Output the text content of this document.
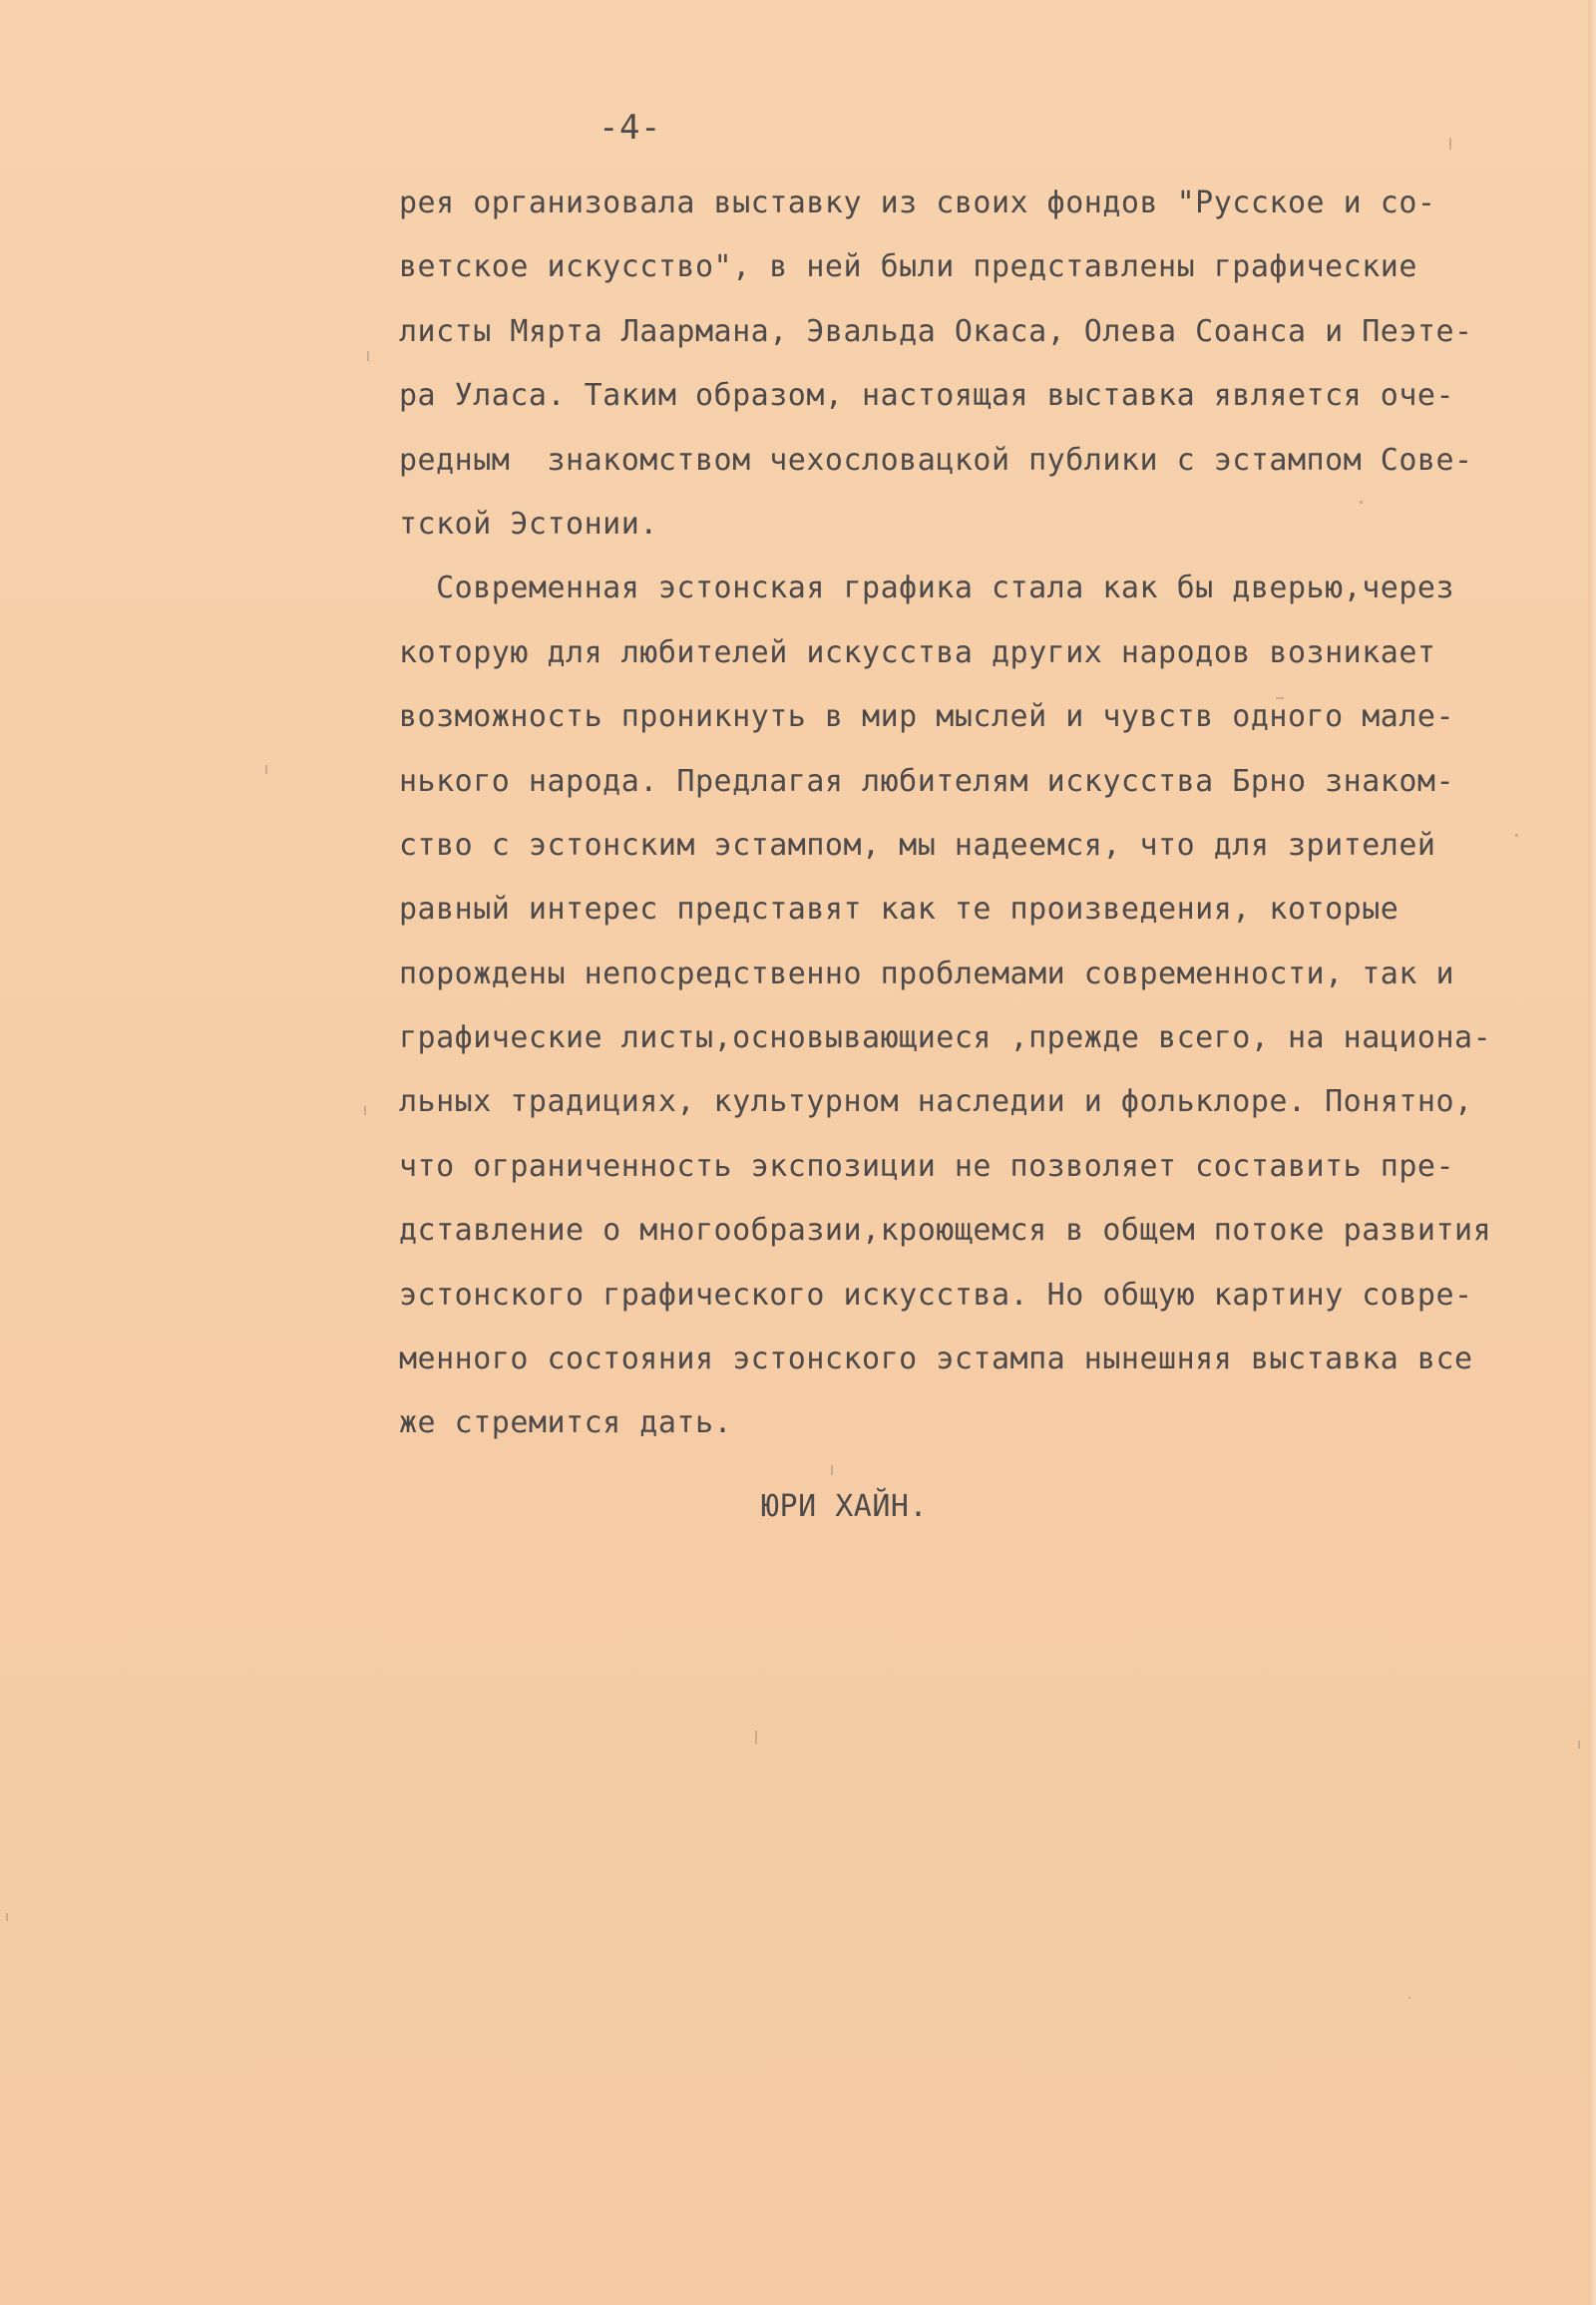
-4-
рея организовала выставку из своих фондов "Русское и со-
ветское искусство", в ней были представлены графические
листы Мярта Лаармана, Эвальда Окаса, Олева Соанса и Пеэте-
ра Уласа. Таким образом, настоящая выставка является оче-
редным  знакомством чехословацкой публики с эстампом Сове-
тской Эстонии.
Современная эстонская графика стала как бы дверью,через
которую для любителей искусства других народов возникает
возможность проникнуть в мир мыслей и чувств одного мале-
нького народа. Предлагая любителям искусства Брно знаком-
ство с эстонским эстампом, мы надеемся, что для зрителей
равный интерес представят как те произведения, которые
порождены непосредственно проблемами современности, так и
графические листы,основывающиеся ,прежде всего, на национа-
льных традициях, культурном наследии и фольклоре. Понятно,
что ограниченность экспозиции не позволяет составить пре-
дставление о многообразии,кроющемся в общем потоке развития
эстонского графического искусства. Но общую картину совре-
менного состояния эстонского эстампа нынешняя выставка все
же стремится дать.
ЮРИ ХАЙН.
